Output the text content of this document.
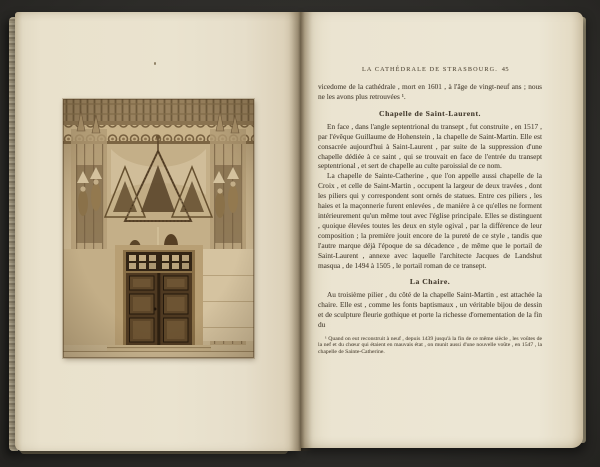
LA CATHÉDRALE DE STRASBOURG. 45

vicedome de la cathédrale , mort en 1601 , à l'âge de vingt-neuf ans ; nous ne les avons plus retrouvées ¹.

Chapelle de Saint-Laurent.

En face , dans l'angle septentrional du transept , fut construite , en 1517 , par l'évêque Guillaume de Hohenstein , la chapelle de Saint-Martin. Elle est consacrée aujourd'hui à Saint-Laurent , par suite de la suppression d'une chapelle dédiée à ce saint , qui se trouvait en face de l'entrée du transept septentrional , et sert de chapelle au culte paroissial de ce nom.

La chapelle de Sainte-Catherine , que l'on appelle aussi chapelle de la Croix , et celle de Saint-Martin , occupent la largeur de deux travées , dont les piliers qui y correspondent sont ornés de statues. Entre ces piliers , les haies et la maçonnerie furent enlevées , de manière à ce qu'elles ne forment intérieurement qu'un même tout avec l'église principale. Elles se distinguent , quoique élevées toutes les deux en style ogival , par la différence de leur composition ; la première jouit encore de la pureté de ce style , tandis que l'autre marque déjà l'époque de sa décadence , de même que le portail de Saint-Laurent , annexe avec laquelle l'architecte Jacques de Landshut masqua , de 1494 à 1505 , le portail roman de ce transept.

La Chaire.

Au troisième pilier , du côté de la chapelle Saint-Martin , est attachée la chaire. Elle est , comme les fonts baptismaux , un véritable bijou de dessin et de sculpture fleurie gothique et porte la richesse d'ornementation de la fin du

¹ Quand on eut reconstruit à neuf , depuis 1439 jusqu'à la fin de ce même siècle , les voûtes de la nef et du chœur qui étaient en mauvais état , on munit aussi d'une nouvelle voûte , en 1547 , la chapelle de Sainte-Catherine.
